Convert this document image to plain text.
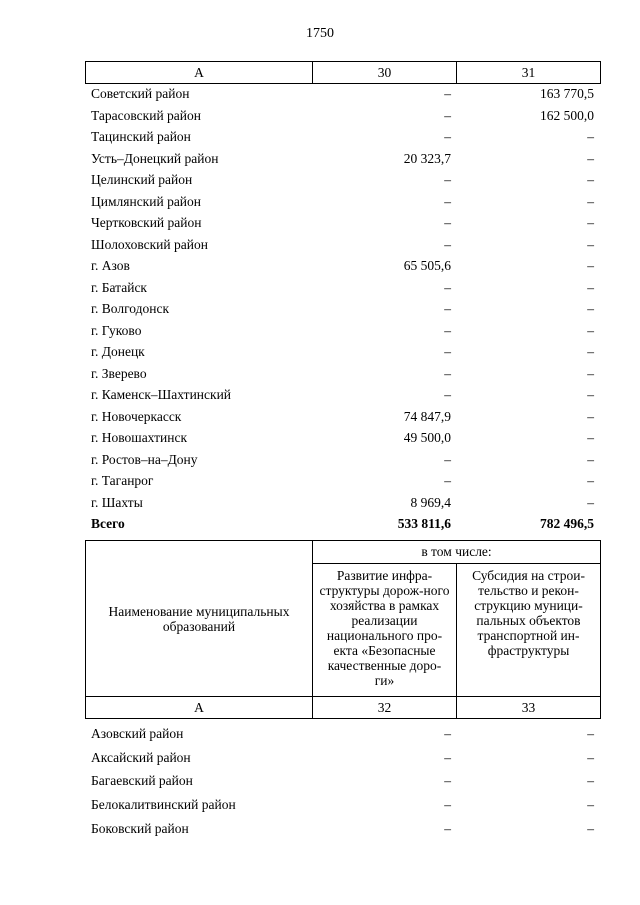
1750
А	30	31
Советский район	–	163 770,5
Тарасовский район	–	162 500,0
Тацинский район	–	–
Усть–Донецкий район	20 323,7	–
Целинский район	–	–
Цимлянский район	–	–
Чертковский район	–	–
Шолоховский район	–	–
г. Азов	65 505,6	–
г. Батайск	–	–
г. Волгодонск	–	–
г. Гуково	–	–
г. Донецк	–	–
г. Зверево	–	–
г. Каменск–Шахтинский	–	–
г. Новочеркасск	74 847,9	–
г. Новошахтинск	49 500,0	–
г. Ростов–на–Дону	–	–
г. Таганрог	–	–
г. Шахты	8 969,4	–
Всего	533 811,6	782 496,5
Наименование муниципальных образований	в том числе:	
	Развитие инфра-структуры дорож-ного хозяйства в рамках реализации национального про-екта «Безопасные качественные доро-ги»	Субсидия на строи-тельство и рекон-струкцию муници-пальных объектов транспортной ин-фраструктуры
А	32	33
Азовский район	–	–
Аксайский район	–	–
Багаевский район	–	–
Белокалитвинский район	–	–
Боковский район	–	–
